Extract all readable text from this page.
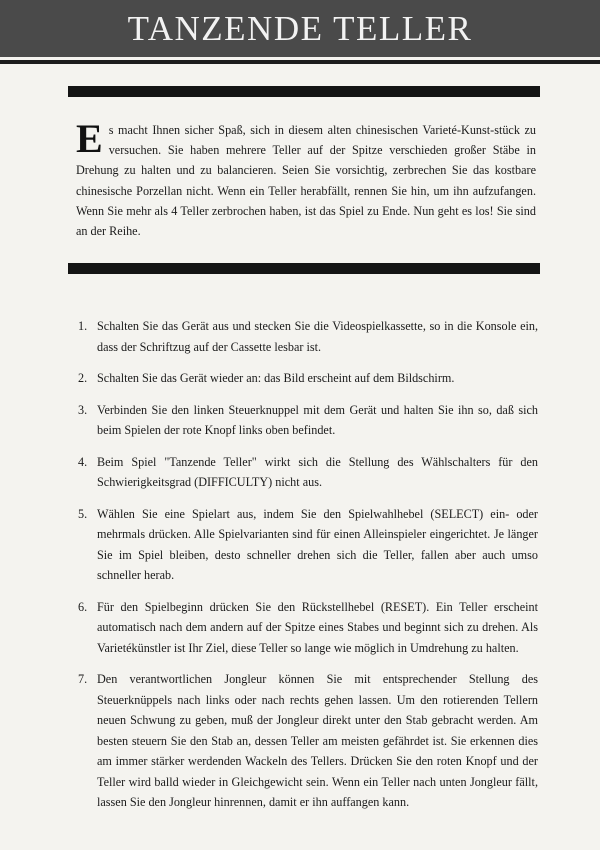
TANZENDE TELLER
E s macht Ihnen sicher Spaß, sich in diesem alten chinesischen Varieté-Kunst-stück zu versuchen. Sie haben mehrere Teller auf der Spitze verschieden großer Stäbe in Drehung zu halten und zu balancieren. Seien Sie vorsichtig, zerbrechen Sie das kostbare chinesische Porzellan nicht. Wenn ein Teller herabfällt, rennen Sie hin, um ihn aufzufangen. Wenn Sie mehr als 4 Teller zerbrochen haben, ist das Spiel zu Ende. Nun geht es los! Sie sind an der Reihe.
1. Schalten Sie das Gerät aus und stecken Sie die Videospielkassette, so in die Konsole ein, dass der Schriftzug auf der Cassette lesbar ist.
2. Schalten Sie das Gerät wieder an: das Bild erscheint auf dem Bildschirm.
3. Verbinden Sie den linken Steuerknuppel mit dem Gerät und halten Sie ihn so, daß sich beim Spielen der rote Knopf links oben befindet.
4. Beim Spiel "Tanzende Teller" wirkt sich die Stellung des Wählschalters für den Schwierigkeitsgrad (DIFFICULTY) nicht aus.
5. Wählen Sie eine Spielart aus, indem Sie den Spielwahlhebel (SELECT) ein- oder mehrmals drücken. Alle Spielvarianten sind für einen Alleinspieler eingerichtet. Je länger Sie im Spiel bleiben, desto schneller drehen sich die Teller, fallen aber auch umso schneller herab.
6. Für den Spielbeginn drücken Sie den Rückstellhebel (RESET). Ein Teller erscheint automatisch nach dem andern auf der Spitze eines Stabes und beginnt sich zu drehen. Als Varietékünstler ist Ihr Ziel, diese Teller so lange wie möglich in Umdrehung zu halten.
7. Den verantwortlichen Jongleur können Sie mit entsprechender Stellung des Steuerknüppels nach links oder nach rechts gehen lassen. Um den rotierenden Tellern neuen Schwung zu geben, muß der Jongleur direkt unter den Stab gebracht werden. Am besten steuern Sie den Stab an, dessen Teller am meisten gefährdet ist. Sie erkennen dies am immer stärker werdenden Wackeln des Tellers. Drücken Sie den roten Knopf und der Teller wird balld wieder in Gleichgewicht sein. Wenn ein Teller nach unten Jongleur fällt, lassen Sie den Jongleur hinrennen, damit er ihn auffangen kann.
